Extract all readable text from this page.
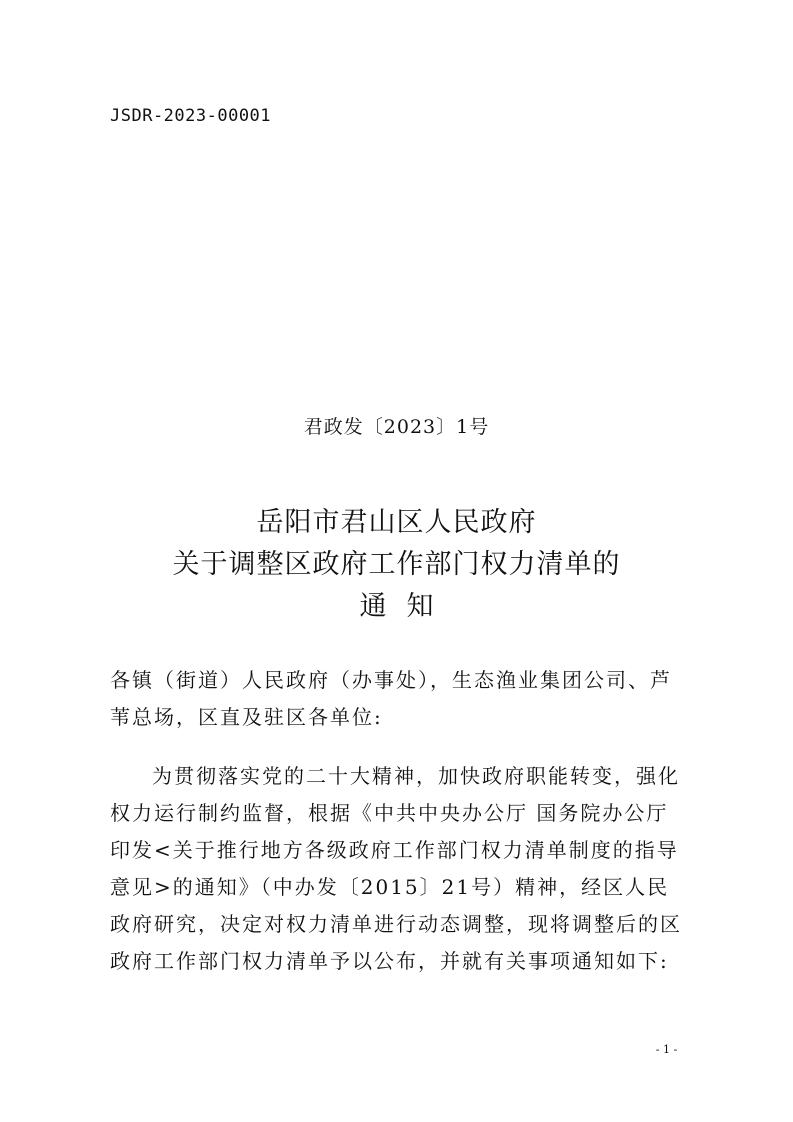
JSDR-2023-00001
君政发〔2023〕1号
岳阳市君山区人民政府
关于调整区政府工作部门权力清单的
通知
各镇（街道）人民政府（办事处），生态渔业集团公司、芦苇总场，区直及驻区各单位:
为贯彻落实党的二十大精神，加快政府职能转变，强化权力运行制约监督，根据《中共中央办公厅 国务院办公厅印发<关于推行地方各级政府工作部门权力清单制度的指导意见>的通知》（中办发〔2015〕21号）精神，经区人民政府研究，决定对权力清单进行动态调整，现将调整后的区政府工作部门权力清单予以公布，并就有关事项通知如下:
- 1 -
